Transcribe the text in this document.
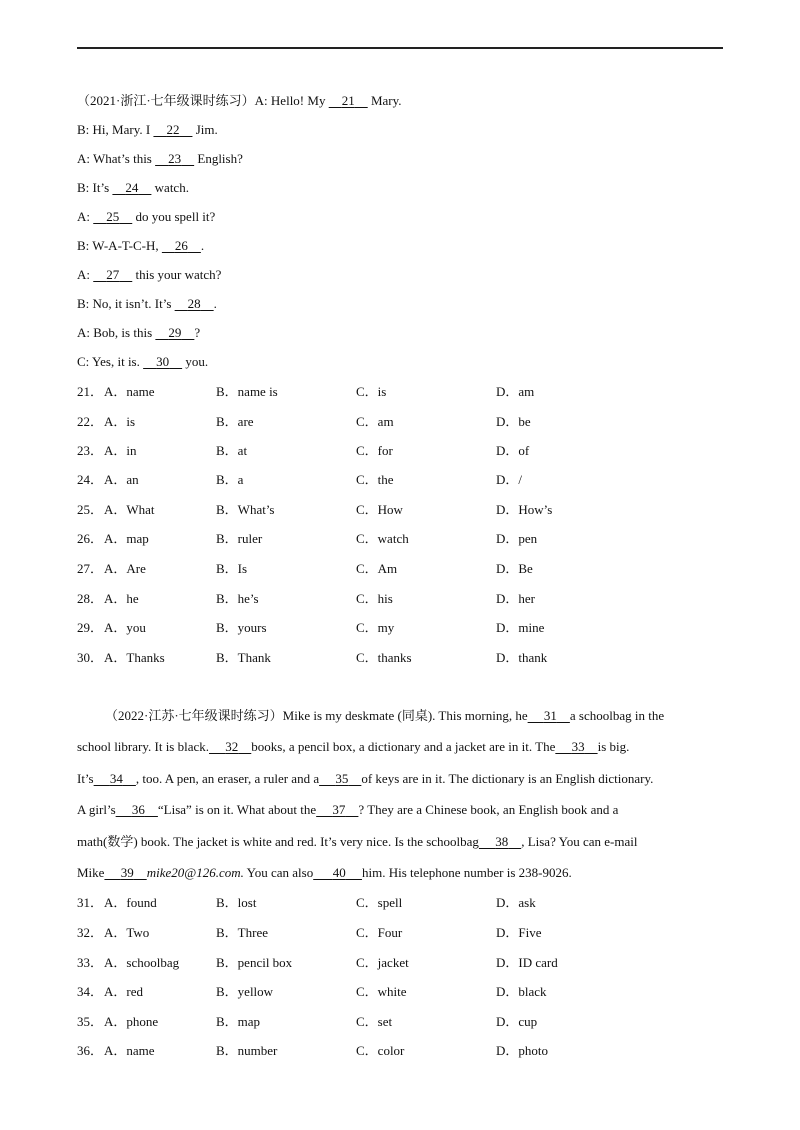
（2021·浙江·七年级课时练习）A: Hello! My     21     Mary.
B: Hi, Mary. I     22     Jim.
A: What’s this     23     English?
B: It’s     24     watch.
A:     25     do you spell it?
B: W-A-T-C-H,     26 .
A:     27     this your watch?
B: No, it isn’t. It’s     28 .
A: Bob, is this     29 ?
C: Yes, it is.     30     you.
21． A．name	B．name is	C．is	D．am
22． A．is	B．are	C．am	D．be
23． A．in	B．at	C．for	D．of
24． A．an	B．a	C．the	D．/
25． A．What	B．What’s	C．How	D．How’s
26． A．map	B．ruler	C．watch	D．pen
27． A．Are	B．Is	C．Am	D．Be
28． A．he	B．he’s	C．his	D．her
29． A．you	B．yours	C．my	D．mine
30． A．Thanks	B．Thank	C．thanks	D．thank
（2022·江苏·七年级课时练习）Mike is my deskmate (同桌). This morning, he 31 a schoolbag in the
school library. It is black. 32 books, a pencil box, a dictionary and a jacket are in it. The 33 is big.
It’s 34 , too. A pen, an eraser, a ruler and a 35 of keys are in it. The dictionary is an English dictionary.
A girl’s 36 “Lisa” is on it. What about the 37 ? They are a Chinese book, an English book and a
math(数学) book. The jacket is white and red. It’s very nice. Is the schoolbag 38 , Lisa? You can e-mail
Mike 39 mike20@126.com. You can also 40 him. His telephone number is 238-9026.
31． A．found	B．lost	C．spell	D．ask
32． A．Two	B．Three	C．Four	D．Five
33． A．schoolbag	B．pencil box	C．jacket	D．ID card
34． A．red	B．yellow	C．white	D．black
35． A．phone	B．map	C．set	D．cup
36． A．name	B．number	C．color	D．photo
